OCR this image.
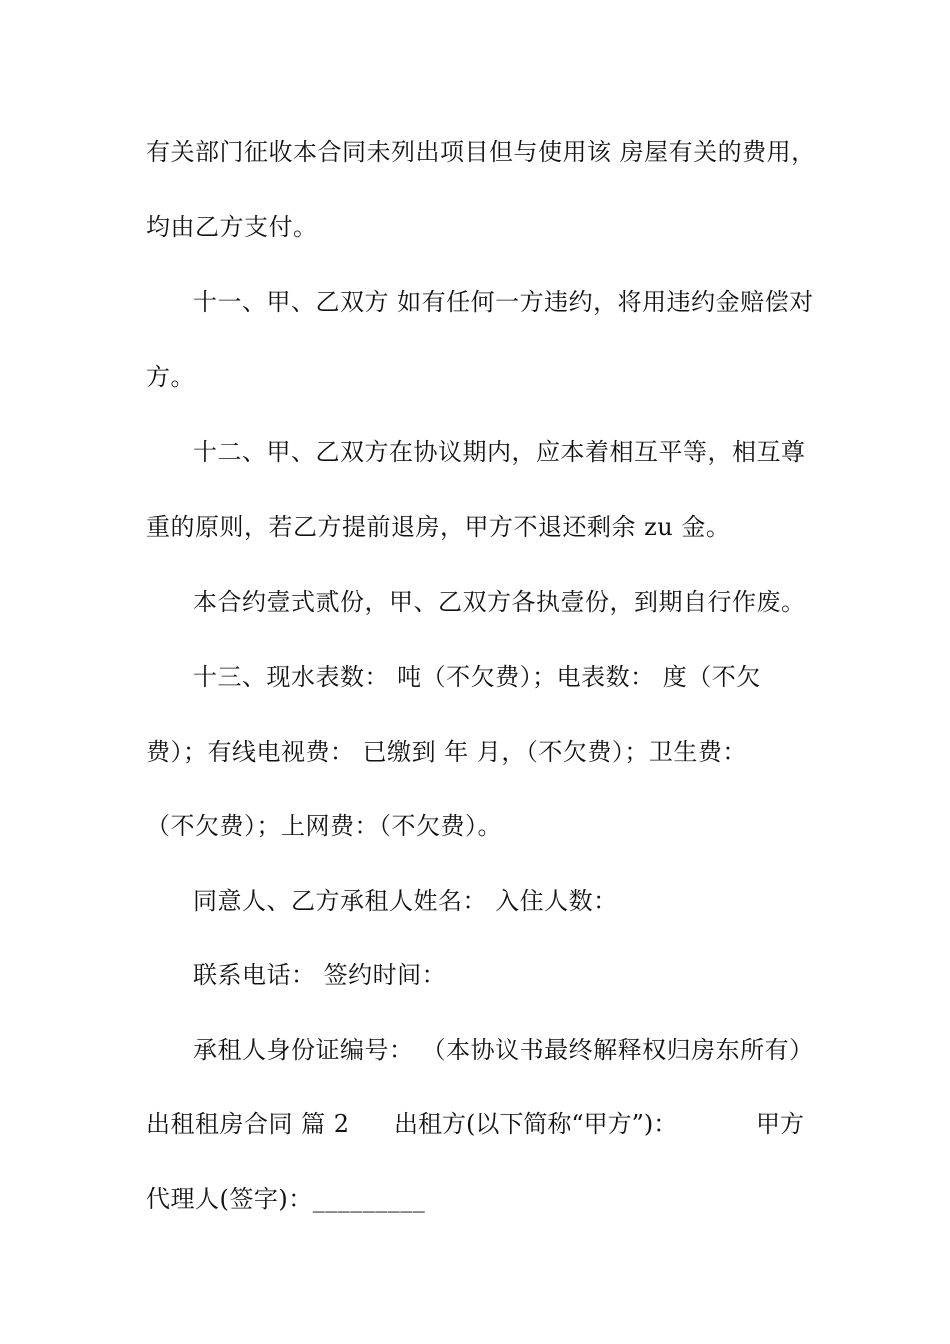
有关部门征收本合同未列出项目但与使用该 房屋有关的费用，
均由乙方支付。
十一、甲、乙双方 如有任何一方违约，将用违约金赔偿对
方。
十二、甲、乙双方在协议期内，应本着相互平等，相互尊
重的原则，若乙方提前退房，甲方不退还剩余 zu 金。
本合约壹式贰份，甲、乙双方各执壹份，到期自行作废。
十三、现水表数： 吨（不欠费）；电表数： 度（不欠
费）；有线电视费： 已缴到 年 月，（不欠费）；卫生费：
（不欠费）；上网费：（不欠费）。
同意人、乙方承租人姓名： 入住人数：
联系电话： 签约时间：
承租人身份证编号： （本协议书最终解释权归房东所有）
出租租房合同 篇 2 出租方(以下简称“甲方”)：	甲方
代理人(签字)：_________
